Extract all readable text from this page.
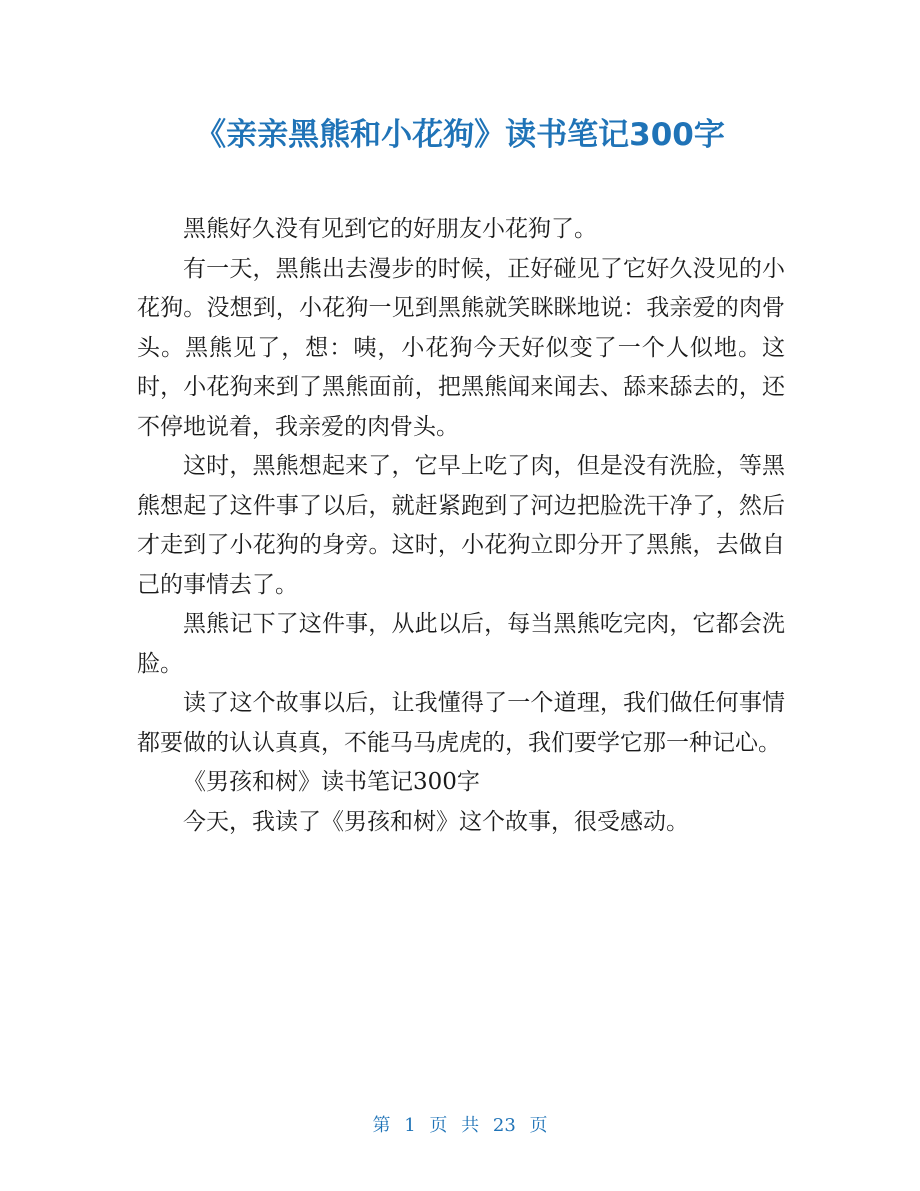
《亲亲黑熊和小花狗》读书笔记300字

黑熊好久没有见到它的好朋友小花狗了。

有一天，黑熊出去漫步的时候，正好碰见了它好久没见的小花狗。没想到，小花狗一见到黑熊就笑眯眯地说：我亲爱的肉骨头。黑熊见了，想：咦，小花狗今天好似变了一个人似地。这时，小花狗来到了黑熊面前，把黑熊闻来闻去、舔来舔去的，还不停地说着，我亲爱的肉骨头。

这时，黑熊想起来了，它早上吃了肉，但是没有洗脸，等黑熊想起了这件事了以后，就赶紧跑到了河边把脸洗干净了，然后才走到了小花狗的身旁。这时，小花狗立即分开了黑熊，去做自己的事情去了。

黑熊记下了这件事，从此以后，每当黑熊吃完肉，它都会洗脸。

读了这个故事以后，让我懂得了一个道理，我们做任何事情都要做的认认真真，不能马马虎虎的，我们要学它那一种记心。

《男孩和树》读书笔记300字

今天，我读了《男孩和树》这个故事，很受感动。

第 1 页 共 23 页
